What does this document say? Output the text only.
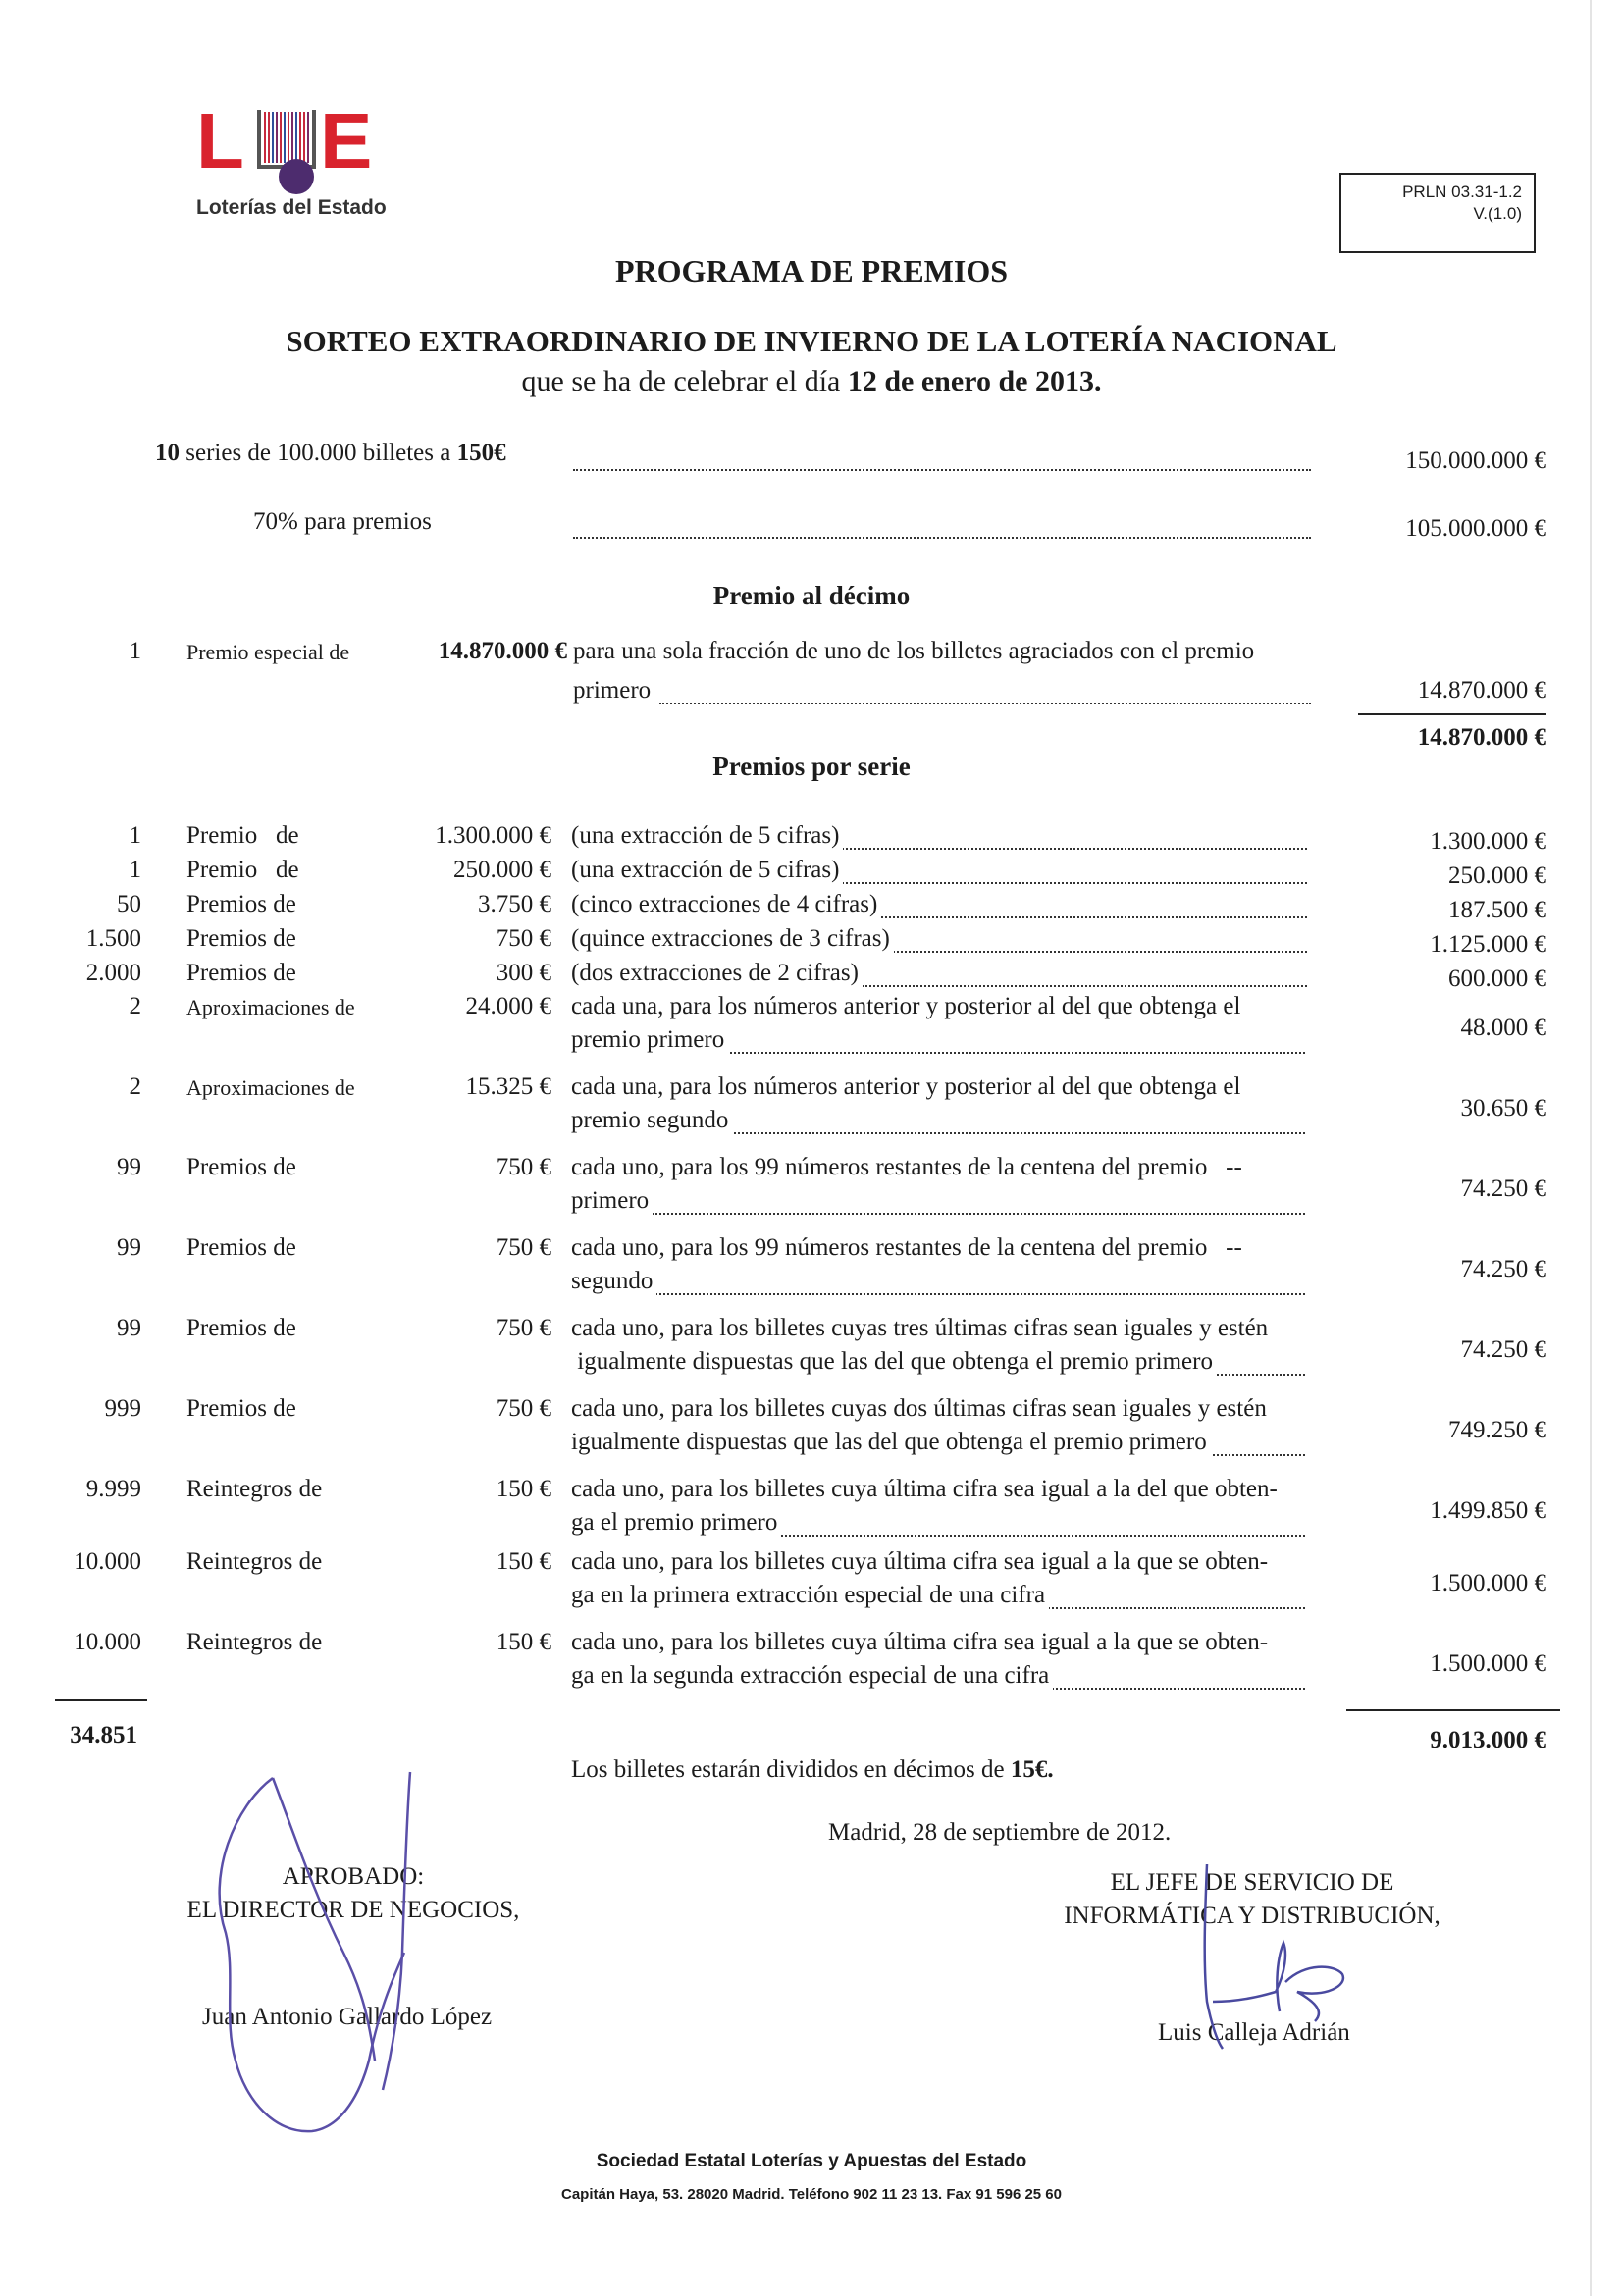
L E
Loterías del Estado
PRLN 03.31-1.2
V.(1.0)
PROGRAMA DE PREMIOS
SORTEO EXTRAORDINARIO DE INVIERNO DE LA LOTERÍA NACIONAL
que se ha de celebrar el día 12 de enero de 2013.
10 series de 100.000 billetes a 150€	150.000.000 €
70% para premios	105.000.000 €
Premio al décimo
1 Premio especial de	14.870.000 € para una sola fracción de uno de los billetes agraciados con el premio
primero	14.870.000 €
14.870.000 €
Premios por serie
1 Premio   de	1.300.000 € (una extracción de 5 cifras)	1.300.000 €
1 Premio   de	250.000 € (una extracción de 5 cifras)	250.000 €
50 Premios de	3.750 € (cinco extracciones de 4 cifras)	187.500 €
1.500 Premios de	750 € (quince extracciones de 3 cifras)	1.125.000 €
2.000 Premios de	300 € (dos extracciones de 2 cifras)	600.000 €
2 Aproximaciones de	24.000 € cada una, para los números anterior y posterior al del que obtenga el
premio primero	48.000 €
2 Aproximaciones de	15.325 € cada una, para los números anterior y posterior al del que obtenga el
premio segundo	30.650 €
99 Premios de	750 € cada uno, para los 99 números restantes de la centena del premio   --
primero	74.250 €
99 Premios de	750 € cada uno, para los 99 números restantes de la centena del premio   --
segundo	74.250 €
99 Premios de	750 € cada uno, para los billetes cuyas tres últimas cifras sean iguales y estén
igualmente dispuestas que las del que obtenga el premio primero	74.250 €
999 Premios de	750 € cada uno, para los billetes cuyas dos últimas cifras sean iguales y estén
igualmente dispuestas que las del que obtenga el premio primero	749.250 €
9.999 Reintegros de	150 € cada uno, para los billetes cuya última cifra sea igual a la del que obten-
ga el premio primero	1.499.850 €
10.000 Reintegros de	150 € cada uno, para los billetes cuya última cifra sea igual a la que se obten-
ga en la primera extracción especial de una cifra	1.500.000 €
10.000 Reintegros de	150 € cada uno, para los billetes cuya última cifra sea igual a la que se obten-
ga en la segunda extracción especial de una cifra	1.500.000 €
34.851	9.013.000 €
Los billetes estarán divididos en décimos de 15€.
Madrid, 28 de septiembre de 2012.
APROBADO:
EL DIRECTOR DE NEGOCIOS,
Juan Antonio Gallardo López
EL JEFE DE SERVICIO DE
INFORMÁTICA Y DISTRIBUCIÓN,
Luis Calleja Adrián
Sociedad Estatal Loterías y Apuestas del Estado
Capitán Haya, 53. 28020 Madrid. Teléfono 902 11 23 13. Fax 91 596 25 60
